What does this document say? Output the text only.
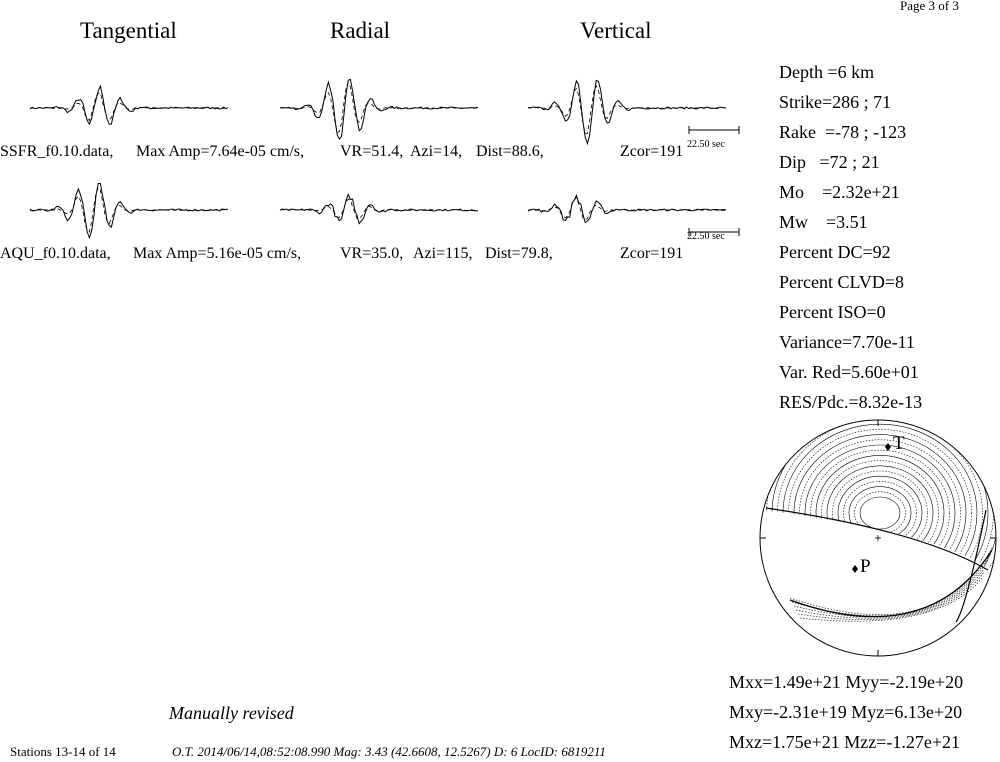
Page 3 of 3
Tangential	Radial	Vertical
SSFR_f0.10.data, Max Amp=7.64e-05 cm/s, VR=51.4, Azi=14, Dist=88.6,	Zcor=191 22.50 sec
AQU_f0.10.data, Max Amp=5.16e-05 cm/s, VR=35.0, Azi=115, Dist=79.8,	Zcor=191
22.50 sec
Depth =6 km
Strike=286 ; 71
Rake  =-78 ; -123
Dip   =72 ; 21
Mo    =2.32e+21
Mw    =3.51
Percent DC=92
Percent CLVD=8
Percent ISO=0
Variance=7.70e-11
Var. Red=5.60e+01
RES/Pdc.=8.32e-13
T
P
Mxx=1.49e+21 Myy=-2.19e+20
Mxy=-2.31e+19 Myz=6.13e+20
Mxz=1.75e+21 Mzz=-1.27e+21
Manually revised
Stations 13-14 of 14	O.T. 2014/06/14,08:52:08.990 Mag: 3.43 (42.6608, 12.5267) D: 6 LocID: 6819211
